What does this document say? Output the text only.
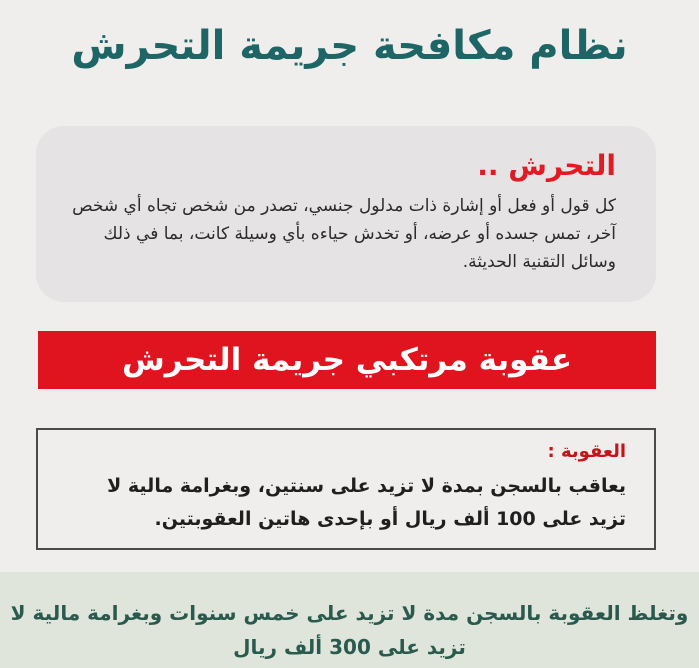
نظام مكافحة جريمة التحرش
التحرش ..

كل قول أو فعل أو إشارة ذات مدلول جنسي، تصدر من شخص تجاه أي شخص آخر، تمس جسده أو عرضه، أو تخدش حياءه بأي وسيلة كانت، بما في ذلك وسائل التقنية الحديثة.

عقوبة مرتكبي جريمة التحرش
العقوبة :

يعاقب بالسجن بمدة لا تزيد على سنتين، وبغرامة مالية لا تزيد على 100 ألف ريال أو بإحدى هاتين العقوبتين.

وتغلظ العقوبة بالسجن مدة لا تزيد على خمس سنوات وبغرامة مالية لا تزيد على 300 ألف ريال
